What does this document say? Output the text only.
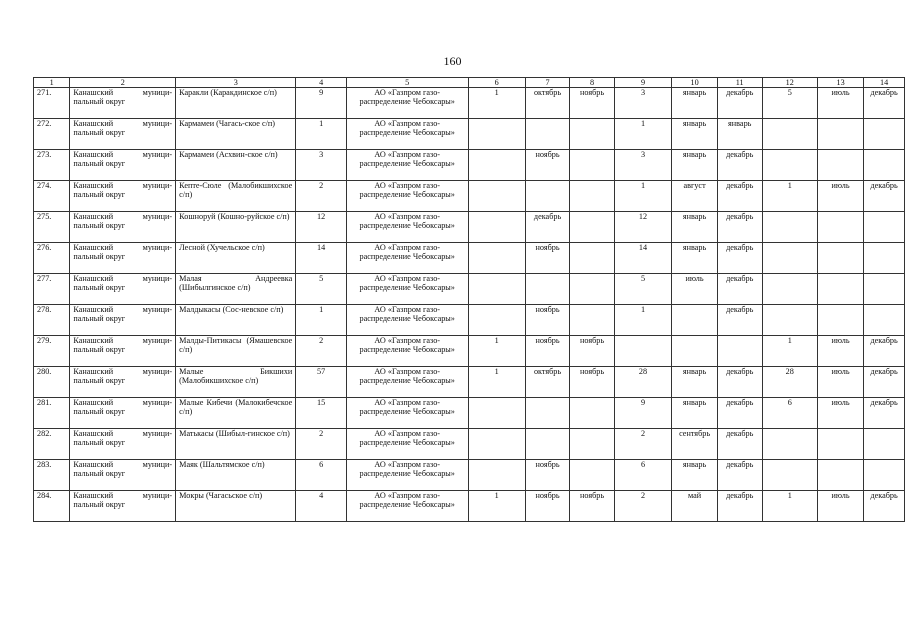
160
1	2	3	4	5	6	7	8	9	10	11	12	13	14
271.	Канашский муници-пальный округ	Каракли (Каракдинское с/п)	9	АО «Газпром газо-распределение Чебоксары»	1	октябрь	ноябрь	3	январь	декабрь	5	июль	декабрь
272.	Канашский муници-пальный округ	Кармамеи (Чагась-ское с/п)	1	АО «Газпром газо-распределение Чебоксары»				1	январь	январь			
273.	Канашский муници-пальный округ	Кармамеи (Асхвин-ское с/п)	3	АО «Газпром газо-распределение Чебоксары»		ноябрь		3	январь	декабрь			
274.	Канашский муници-пальный округ	Кепте-Сюле (Малобикшихское с/п)	2	АО «Газпром газо-распределение Чебоксары»				1	август	декабрь	1	июль	декабрь
275.	Канашский муници-пальный округ	Кошноруй (Кошно-руйское с/п)	12	АО «Газпром газо-распределение Чебоксары»		декабрь		12	январь	декабрь			
276.	Канашский муници-пальный округ	Лесной (Хучельское с/п)	14	АО «Газпром газо-распределение Чебоксары»		ноябрь		14	январь	декабрь			
277.	Канашский муници-пальный округ	Малая Андреевка (Шибылгинское с/п)	5	АО «Газпром газо-распределение Чебоксары»				5	июль	декабрь			
278.	Канашский муници-пальный округ	Малдыкасы (Сос-невское с/п)	1	АО «Газпром газо-распределение Чебоксары»		ноябрь		1		декабрь			
279.	Канашский муници-пальный округ	Малды-Питикасы (Ямашевское с/п)	2	АО «Газпром газо-распределение Чебоксары»	1	ноябрь	ноябрь				1	июль	декабрь
280.	Канашский муници-пальный округ	Малые Бикшихи (Малобикшихское с/п)	57	АО «Газпром газо-распределение Чебоксары»	1	октябрь	ноябрь	28	январь	декабрь	28	июль	декабрь
281.	Канашский муници-пальный округ	Малые Кибечи (Малокибечское с/п)	15	АО «Газпром газо-распределение Чебоксары»				9	январь	декабрь	6	июль	декабрь
282.	Канашский муници-пальный округ	Матькасы (Шибыл-гинское с/п)	2	АО «Газпром газо-распределение Чебоксары»				2	сентябрь	декабрь			
283.	Канашский муници-пальный округ	Маяк (Шальтямское с/п)	6	АО «Газпром газо-распределение Чебоксары»		ноябрь		6	январь	декабрь			
284.	Канашский муници-пальный округ	Мокры (Чагасьское с/п)	4	АО «Газпром газо-распределение Чебоксары»	1	ноябрь	ноябрь	2	май	декабрь	1	июль	декабрь
